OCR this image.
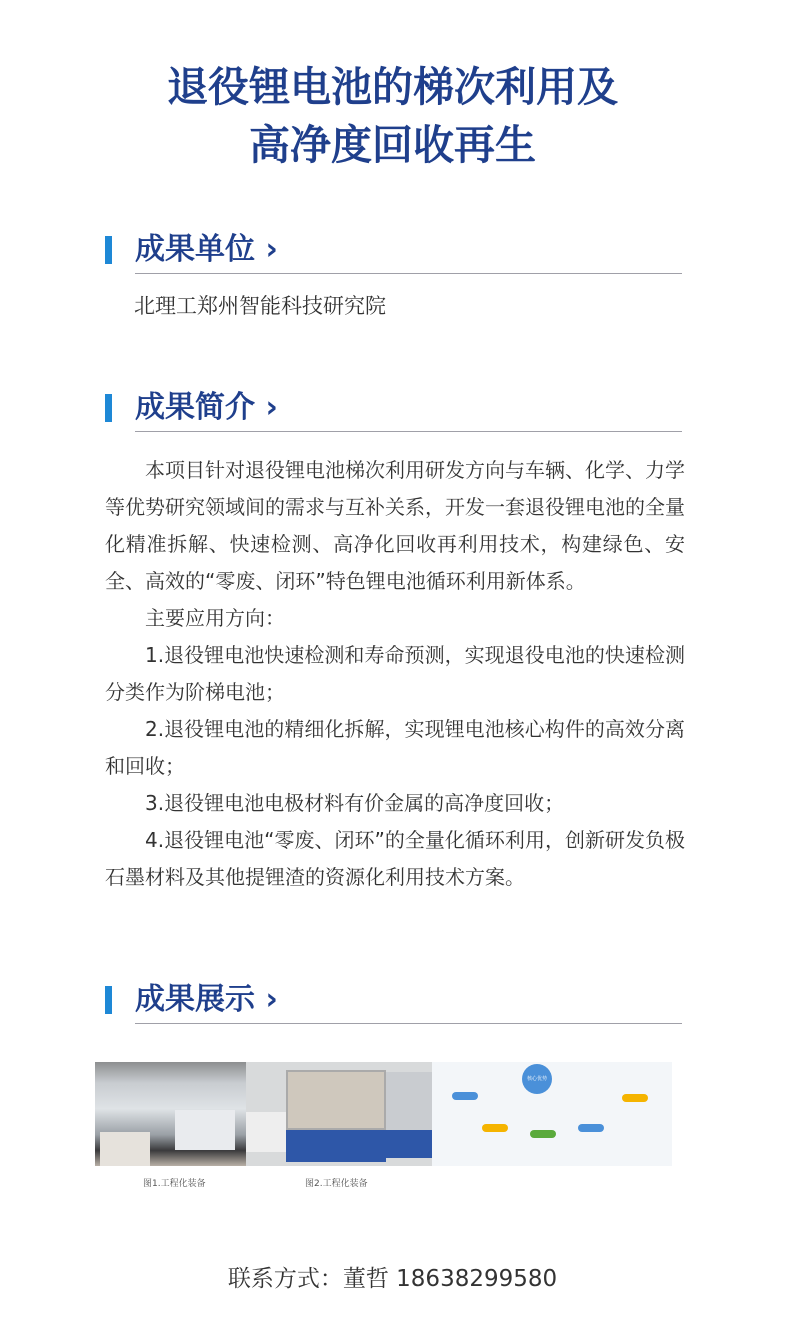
退役锂电池的梯次利用及
高净度回收再生
成果单位 ›
北理工郑州智能科技研究院
成果简介 ›

本项目针对退役锂电池梯次利用研发方向与车辆、化学、力学等优势研究领域间的需求与互补关系，开发一套退役锂电池的全量化精准拆解、快速检测、高净化回收再利用技术，构建绿色、安全、高效的“零废、闭环”特色锂电池循环利用新体系。

主要应用方向：

1.退役锂电池快速检测和寿命预测，实现退役电池的快速检测分类作为阶梯电池；

2.退役锂电池的精细化拆解，实现锂电池核心构件的高效分离和回收；

3.退役锂电池电极材料有价金属的高净度回收；

4.退役锂电池“零废、闭环”的全量化循环利用，创新研发负极石墨材料及其他提锂渣的资源化利用技术方案。

成果展示 ›
核心优势
图1.工程化装备	图2.工程化装备
联系方式：董哲 18638299580
